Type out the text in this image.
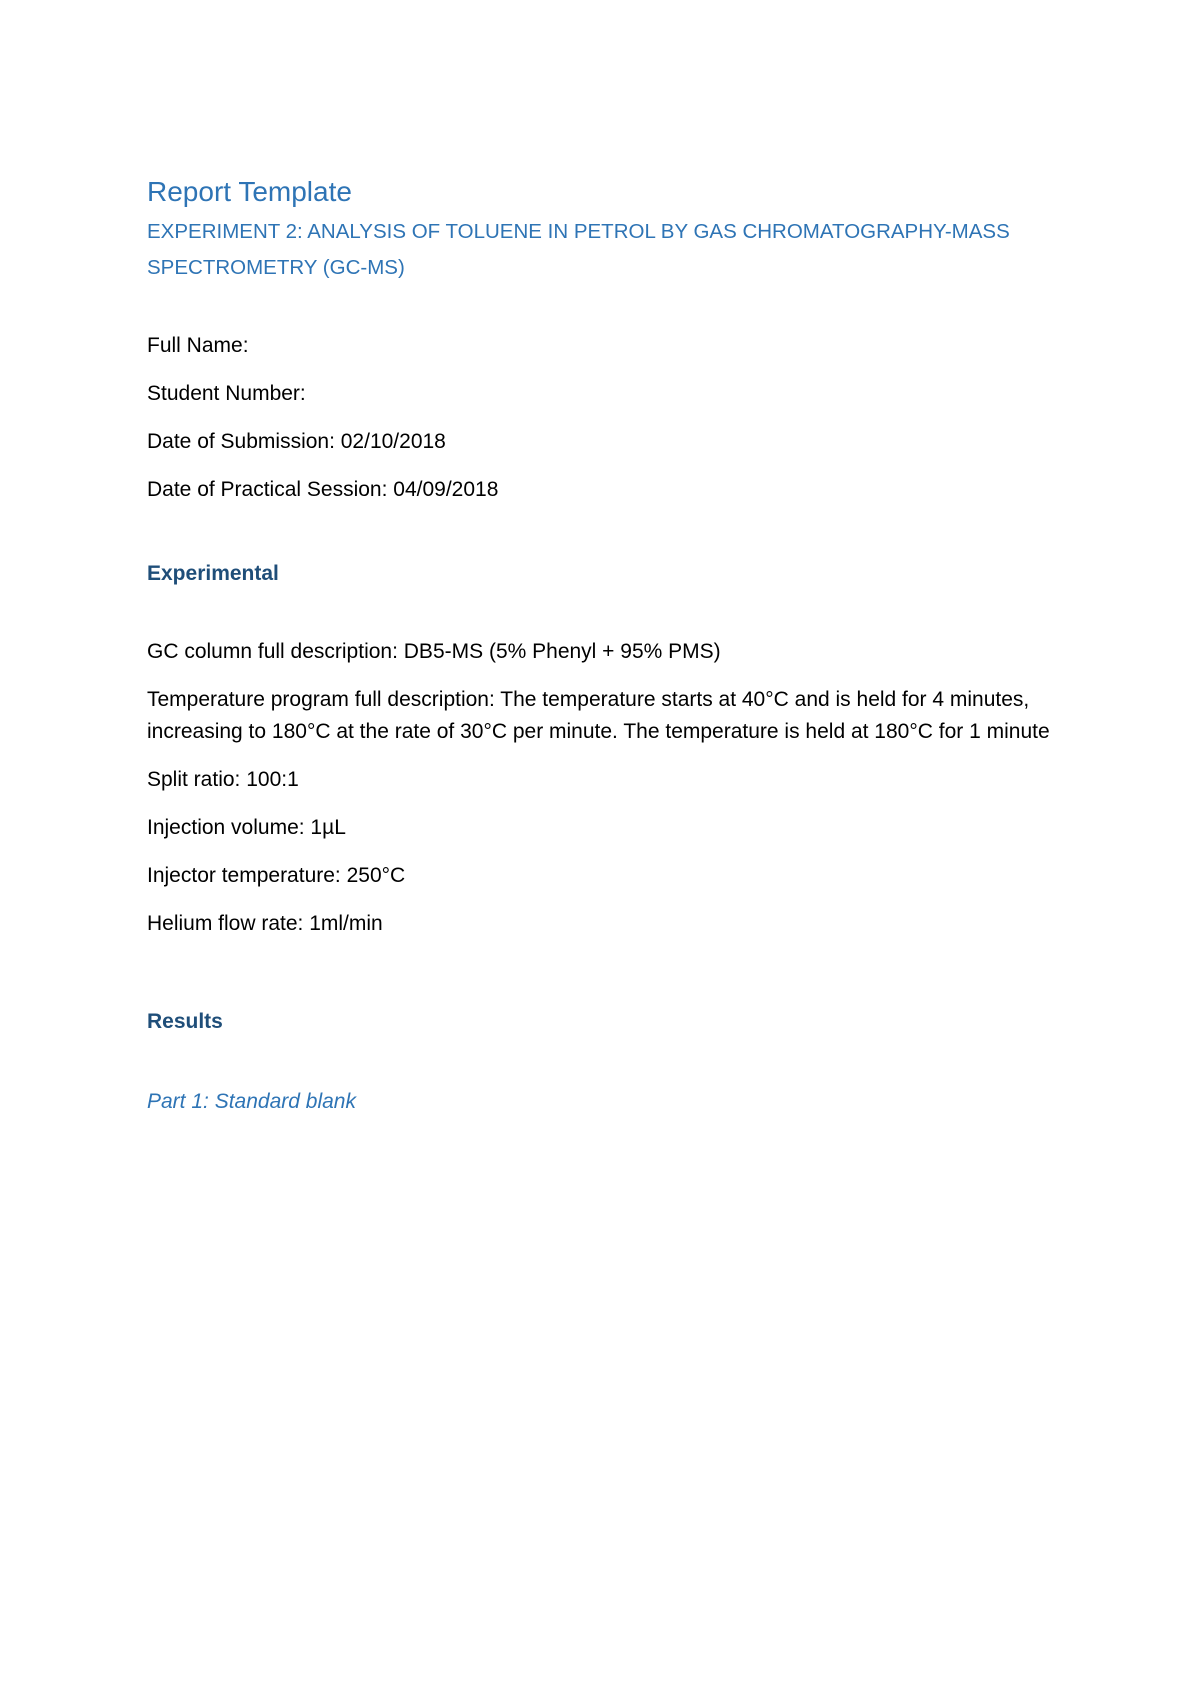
Report Template
EXPERIMENT 2: ANALYSIS OF TOLUENE IN PETROL BY GAS CHROMATOGRAPHY-MASS SPECTROMETRY (GC-MS)

Full Name:

Student Number:

Date of Submission: 02/10/2018

Date of Practical Session: 04/09/2018

Experimental

GC column full description: DB5-MS (5% Phenyl + 95% PMS)

Temperature program full description: The temperature starts at 40°C and is held for 4 minutes, increasing to 180°C at the rate of 30°C per minute. The temperature is held at 180°C for 1 minute

Split ratio: 100:1

Injection volume: 1µL

Injector temperature: 250°C

Helium flow rate: 1ml/min

Results

Part 1: Standard blank
